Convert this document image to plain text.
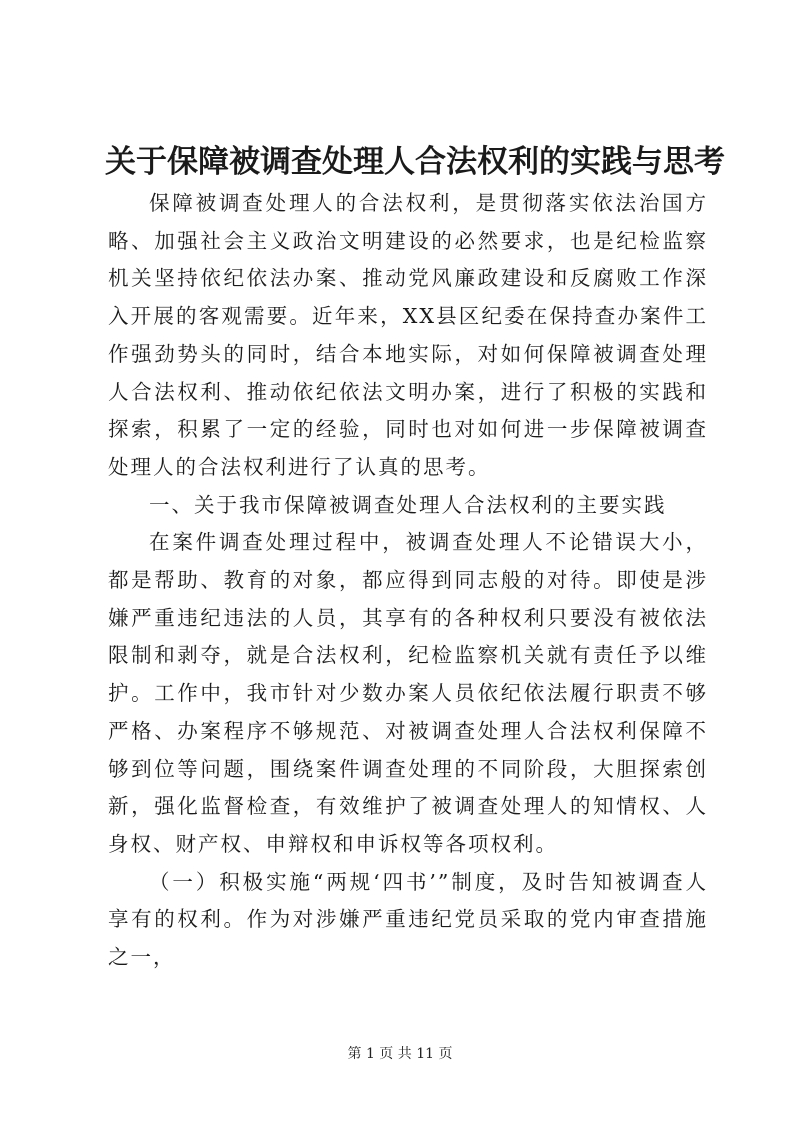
关于保障被调查处理人合法权利的实践与思考

保障被调查处理人的合法权利，是贯彻落实依法治国方略、加强社会主义政治文明建设的必然要求，也是纪检监察机关坚持依纪依法办案、推动党风廉政建设和反腐败工作深入开展的客观需要。近年来，XX县区纪委在保持查办案件工作强劲势头的同时，结合本地实际，对如何保障被调查处理人合法权利、推动依纪依法文明办案，进行了积极的实践和探索，积累了一定的经验，同时也对如何进一步保障被调查处理人的合法权利进行了认真的思考。

一、关于我市保障被调查处理人合法权利的主要实践

在案件调查处理过程中，被调查处理人不论错误大小，都是帮助、教育的对象，都应得到同志般的对待。即使是涉嫌严重违纪违法的人员，其享有的各种权利只要没有被依法限制和剥夺，就是合法权利，纪检监察机关就有责任予以维护。工作中，我市针对少数办案人员依纪依法履行职责不够严格、办案程序不够规范、对被调查处理人合法权利保障不够到位等问题，围绕案件调查处理的不同阶段，大胆探索创新，强化监督检查，有效维护了被调查处理人的知情权、人身权、财产权、申辩权和申诉权等各项权利。

（一）积极实施“两规‘四书’”制度，及时告知被调查人享有的权利。作为对涉嫌严重违纪党员采取的党内审查措施之一，

第 1 页 共 11 页
